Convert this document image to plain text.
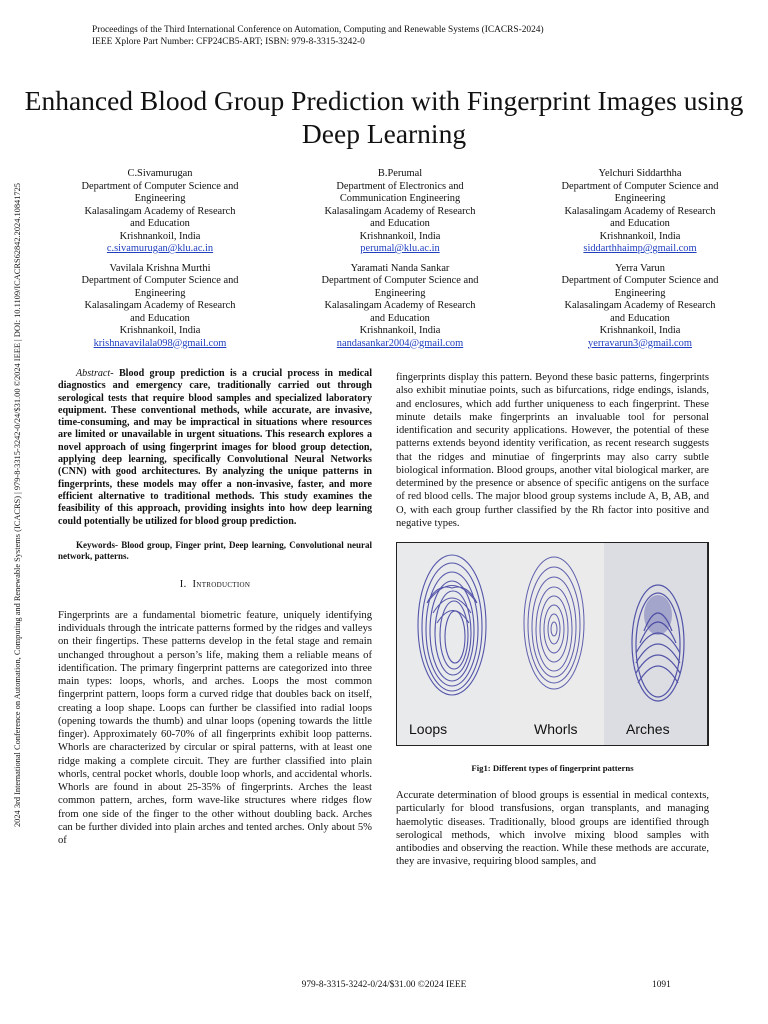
Proceedings of the Third International Conference on Automation, Computing and Renewable Systems (ICACRS-2024)
IEEE Xplore Part Number: CFP24CB5-ART; ISBN: 979-8-3315-3242-0
2024 3rd International Conference on Automation, Computing and Renewable Systems (ICACRS) | 979-8-3315-3242-0/24/$31.00 ©2024 IEEE | DOI: 10.1109/ICACRS62842.2024.10841725
Enhanced Blood Group Prediction with Fingerprint Images using Deep Learning
C.Sivamurugan
Department of Computer Science and
Engineering
Kalasalingam Academy of Research
and Education
Krishnankoil, India
c.sivamurugan@klu.ac.in
B.Perumal
Department of Electronics and
Communication Engineering
Kalasalingam Academy of Research
and Education
Krishnankoil, India
perumal@klu.ac.in
Yelchuri Siddarthha
Department of Computer Science and
Engineering
Kalasalingam Academy of Research
and Education
Krishnankoil, India
siddarthhaimp@gmail.com
Vavilala Krishna Murthi
Department of Computer Science and
Engineering
Kalasalingam Academy of Research
and Education
Krishnankoil, India
krishnavavilala098@gmail.com
Yaramati Nanda Sankar
Department of Computer Science and
Engineering
Kalasalingam Academy of Research
and Education
Krishnankoil, India
nandasankar2004@gmail.com
Yerra Varun
Department of Computer Science and
Engineering
Kalasalingam Academy of Research
and Education
Krishnankoil, India
yerravarun3@gmail.com

Abstract- Blood group prediction is a crucial process in medical diagnostics and emergency care, traditionally carried out through serological tests that require blood samples and specialized laboratory equipment. These conventional methods, while accurate, are invasive, time-consuming, and may be impractical in situations where resources are limited or unavailable in urgent situations. This research explores a novel approach of using fingerprint images for blood group detection, applying deep learning, specifically Convolutional Neural Networks (CNN) with good architectures. By analyzing the unique patterns in fingerprints, these models may offer a non-invasive, faster, and more efficient alternative to traditional methods. This study examines the feasibility of this approach, providing insights into how deep learning could potentially be utilized for blood group prediction.

Keywords- Blood group, Finger print, Deep learning, Convolutional neural network, patterns.

I. Introduction

Fingerprints are a fundamental biometric feature, uniquely identifying individuals through the intricate patterns formed by the ridges and valleys on their fingertips. These patterns develop in the fetal stage and remain unchanged throughout a person’s life, making them a reliable means of identification. The primary fingerprint patterns are categorized into three main types: loops, whorls, and arches. Loops the most common fingerprint pattern, loops form a curved ridge that doubles back on itself, creating a loop shape. Loops can further be classified into radial loops (opening towards the thumb) and ulnar loops (opening towards the little finger). Approximately 60-70% of all fingerprints exhibit loop patterns. Whorls are characterized by circular or spiral patterns, with at least one ridge making a complete circuit. They are further classified into plain whorls, central pocket whorls, double loop whorls, and accidental whorls. Whorls are found in about 25-35% of fingerprints. Arches the least common pattern, arches, form wave-like structures where ridges flow from one side of the finger to the other without doubling back. Arches can be further divided into plain arches and tented arches. Only about 5% of

fingerprints display this pattern. Beyond these basic patterns, fingerprints also exhibit minutiae points, such as bifurcations, ridge endings, islands, and enclosures, which add further uniqueness to each fingerprint. These minute details make fingerprints an invaluable tool for personal identification and security applications. However, the potential of these patterns extends beyond identity verification, as recent research suggests that the ridges and minutiae of fingerprints may also carry subtle biological information. Blood groups, another vital biological marker, are determined by the presence or absence of specific antigens on the surface of red blood cells. The major blood group systems include A, B, AB, and O, with each group further classified by the Rh factor into positive and negative types.

Loops	Whorls	Arches
Fig1: Different types of fingerprint patterns

Accurate determination of blood groups is essential in medical contexts, particularly for blood transfusions, organ transplants, and managing haemolytic diseases. Traditionally, blood groups are identified through serological methods, which involve mixing blood samples with antibodies and observing the reaction. While these methods are accurate, they are invasive, requiring blood samples, and

979-8-3315-3242-0/24/$31.00 ©2024 IEEE	1091
